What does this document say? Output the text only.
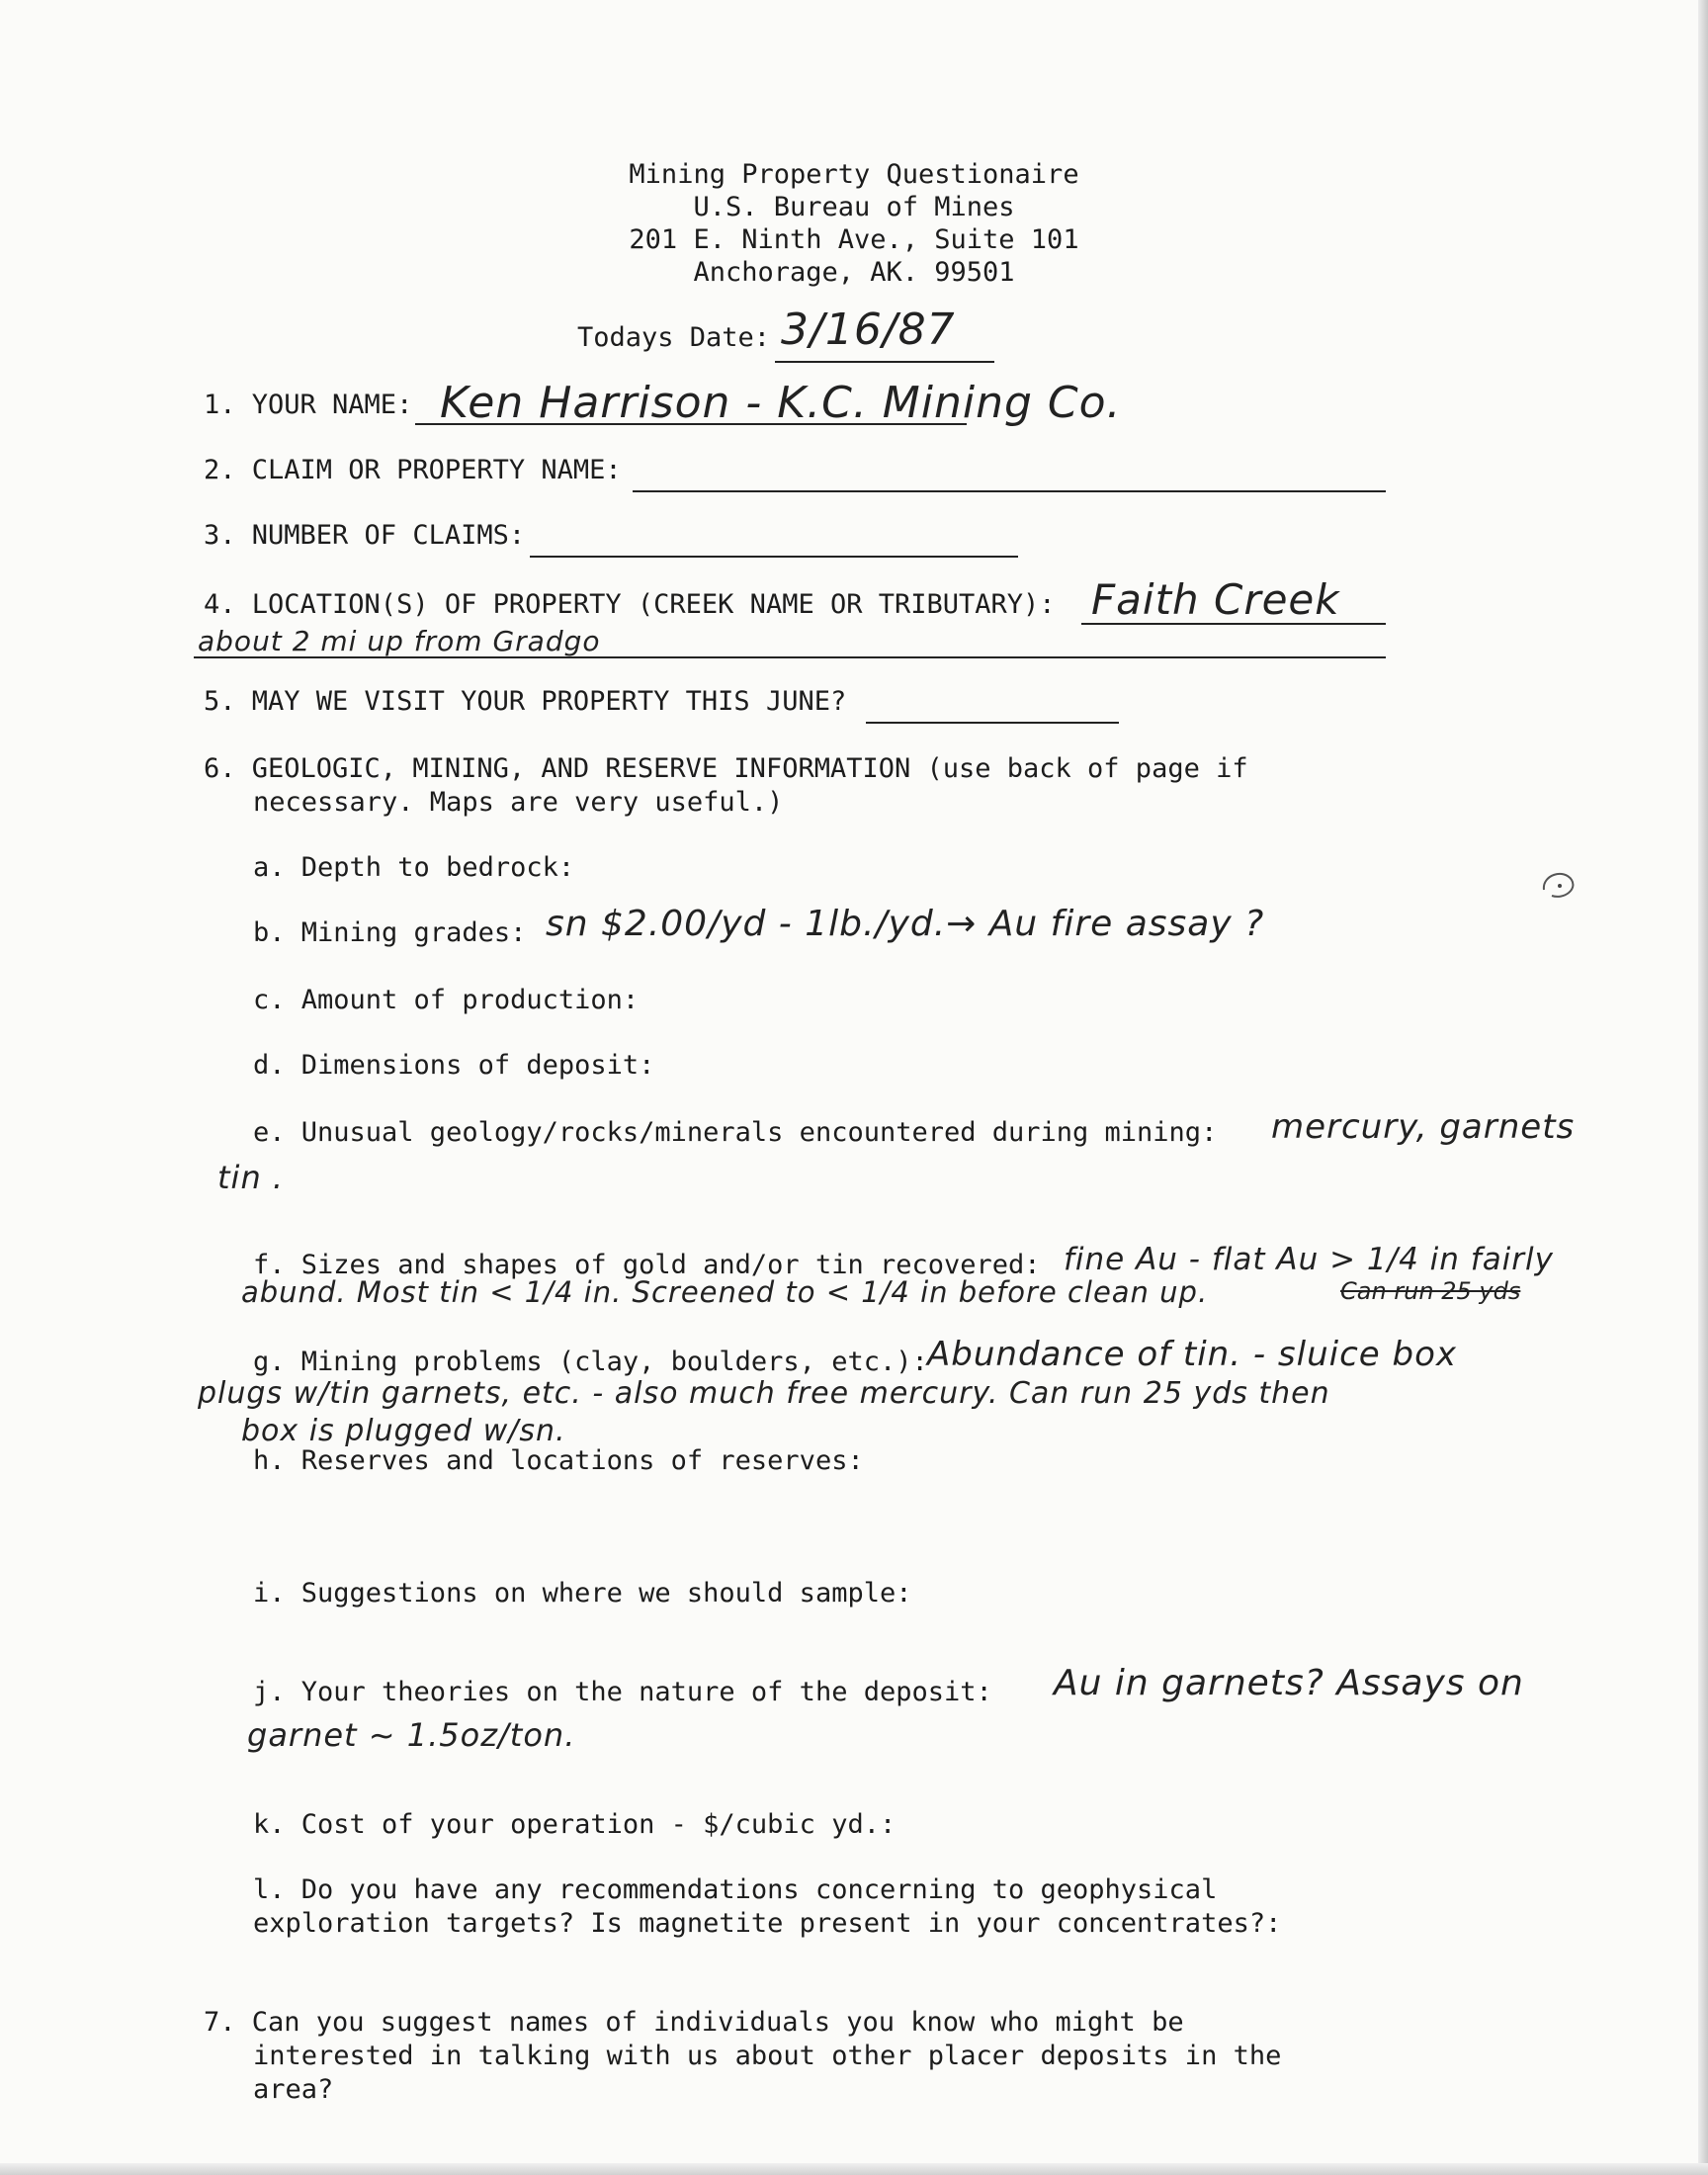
Mining Property Questionaire
U.S. Bureau of Mines
201 E. Ninth Ave., Suite 101
Anchorage, AK. 99501
Todays Date: 3/16/87
1. YOUR NAME: Ken Harrison - K.C. Mining Co.
2. CLAIM OR PROPERTY NAME:
3. NUMBER OF CLAIMS:
4. LOCATION(S) OF PROPERTY (CREEK NAME OR TRIBUTARY): Faith Creek
about 2 mi up from Gradgo
5. MAY WE VISIT YOUR PROPERTY THIS JUNE?
6. GEOLOGIC, MINING, AND RESERVE INFORMATION (use back of page if
necessary. Maps are very useful.)
a. Depth to bedrock:
b. Mining grades: sn $2.00/yd - 1lb./yd.→ Au fire assay ?
c. Amount of production:
d. Dimensions of deposit:
e. Unusual geology/rocks/minerals encountered during mining: mercury, garnets
tin .
f. Sizes and shapes of gold and/or tin recovered: fine Au - flat Au > 1/4 in fairly
abund. Most tin < 1/4 in. Screened to < 1/4 in before clean up.	Can run 25 yds
g. Mining problems (clay, boulders, etc.): Abundance of tin. - sluice box
plugs w/tin garnets, etc. - also much free mercury. Can run 25 yds then
box is plugged w/sn.
h. Reserves and locations of reserves:
i. Suggestions on where we should sample:
j. Your theories on the nature of the deposit: Au in garnets? Assays on
garnet ~ 1.5oz/ton.
k. Cost of your operation - $/cubic yd.:
l. Do you have any recommendations concerning to geophysical
exploration targets? Is magnetite present in your concentrates?:
7. Can you suggest names of individuals you know who might be
interested in talking with us about other placer deposits in the
area?
